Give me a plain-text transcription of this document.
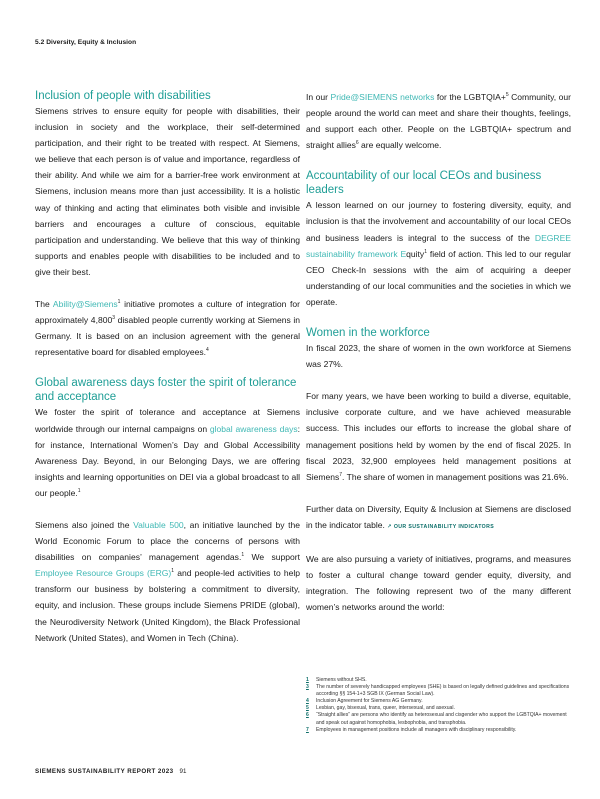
5.2 Diversity, Equity & Inclusion
Inclusion of people with disabilities

Siemens strives to ensure equity for people with disabilities, their inclusion in society and the workplace, their self-determined participation, and their right to be treated with respect. At Siemens, we believe that each person is of value and importance, regardless of their ability. And while we aim for a barrier-free work environment at Siemens, inclusion means more than just accessibility. It is a holistic way of thinking and acting that eliminates both visible and invisible barriers and encourages a culture of conscious, equitable participation and understanding. We believe that this way of thinking supports and enables people with disabilities to be included and to give their best.

The Ability@Siemens$^1$ initiative promotes a culture of integration for approximately 4,800$^3$ disabled people currently working at Siemens in Germany. It is based on an inclusion agreement with the general representative board for disabled employees.$^4$

Global awareness days foster the spirit of tolerance and acceptance

We foster the spirit of tolerance and acceptance at Siemens worldwide through our internal campaigns on global awareness days: for instance, International Women’s Day and Global Accessibility Awareness Day. Beyond, in our Belonging Days, we are offering insights and learning opportunities on DEI via a global broadcast to all our people.$^1$

Siemens also joined the Valuable 500, an initiative launched by the World Economic Forum to place the concerns of persons with disabilities on companies’ management agendas.$^1$ We support Employee Resource Groups (ERG)$^1$ and people-led activities to help transform our business by bolstering a commitment to diversity, equity, and inclusion. These groups include Siemens PRIDE (global), the Neurodiversity Network (United Kingdom), the Black Professional Network (United States), and Women in Tech (China).

In our Pride@SIEMENS networks for the LGBTQIA+$^5$ Community, our people around the world can meet and share their thoughts, feelings, and support each other. People on the LGBTQIA+ spectrum and straight allies$^6$ are equally welcome.

Accountability of our local CEOs and business leaders

A lesson learned on our journey to fostering diversity, equity, and inclusion is that the involvement and accountability of our local CEOs and business leaders is integral to the success of the DEGREE sustainability framework Equity$^1$ field of action. This led to our regular CEO Check-In sessions with the aim of acquiring a deeper understanding of our local communities and the societies in which we operate.

Women in the workforce

In fiscal 2023, the share of women in the own workforce at Siemens was 27%.

For many years, we have been working to build a diverse, equitable, inclusive corporate culture, and we have achieved measurable success. This includes our efforts to increase the global share of management positions held by women by the end of fiscal 2025. In fiscal 2023, 32,900 employees held management positions at Siemens$^7$. The share of women in management positions was 21.6%.

Further data on Diversity, Equity & Inclusion at Siemens are disclosed in the indicator table. ↗ OUR SUSTAINABILITY INDICATORS

We are also pursuing a variety of initiatives, programs, and measures to foster a cultural change toward gender equity, diversity, and integration. The following represent two of the many different women’s networks around the world:

1	Siemens without SHS.
3	The number of severely handicapped employees (SHE) is based on legally defined guidelines and specifications according §§ 154-1+3 SGB IX (German Social Law).
4	Inclusion Agreement for Siemens AG Germany.
5	Lesbian, gay, bisexual, trans, queer, intersexual, and asexual.
6	“Straight allies” are persons who identify as heterosexual and cisgender who support the LGBTQIA+ movement and speak out against homophobia, lesbophobia, and transphobia.
7	Employees in management positions include all managers with disciplinary responsibility.
SIEMENS SUSTAINABILITY REPORT 2023 91
